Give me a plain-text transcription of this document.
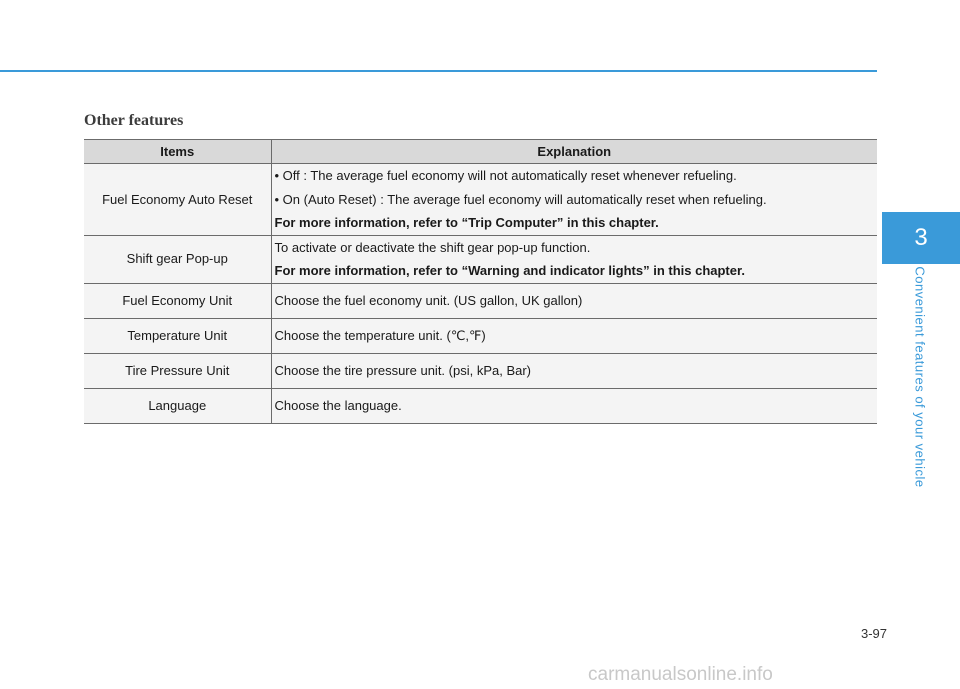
Other features
Items	Explanation
Fuel Economy Auto Reset	• Off : The average fuel economy will not automatically reset whenever refueling.
• On (Auto Reset) : The average fuel economy will automatically reset when refueling.
For more information, refer to “Trip Computer” in this chapter.

Shift gear Pop-up	To activate or deactivate the shift gear pop-up function.
For more information, refer to “Warning and indicator lights” in this chapter.

Fuel Economy Unit	Choose the fuel economy unit. (US gallon, UK gallon)

Temperature Unit	Choose the temperature unit. (℃,℉)

Tire Pressure Unit	Choose the tire pressure unit. (psi, kPa, Bar)

Language	Choose the language.
3
Convenient features of your vehicle
3-97
carmanualsonline.info
